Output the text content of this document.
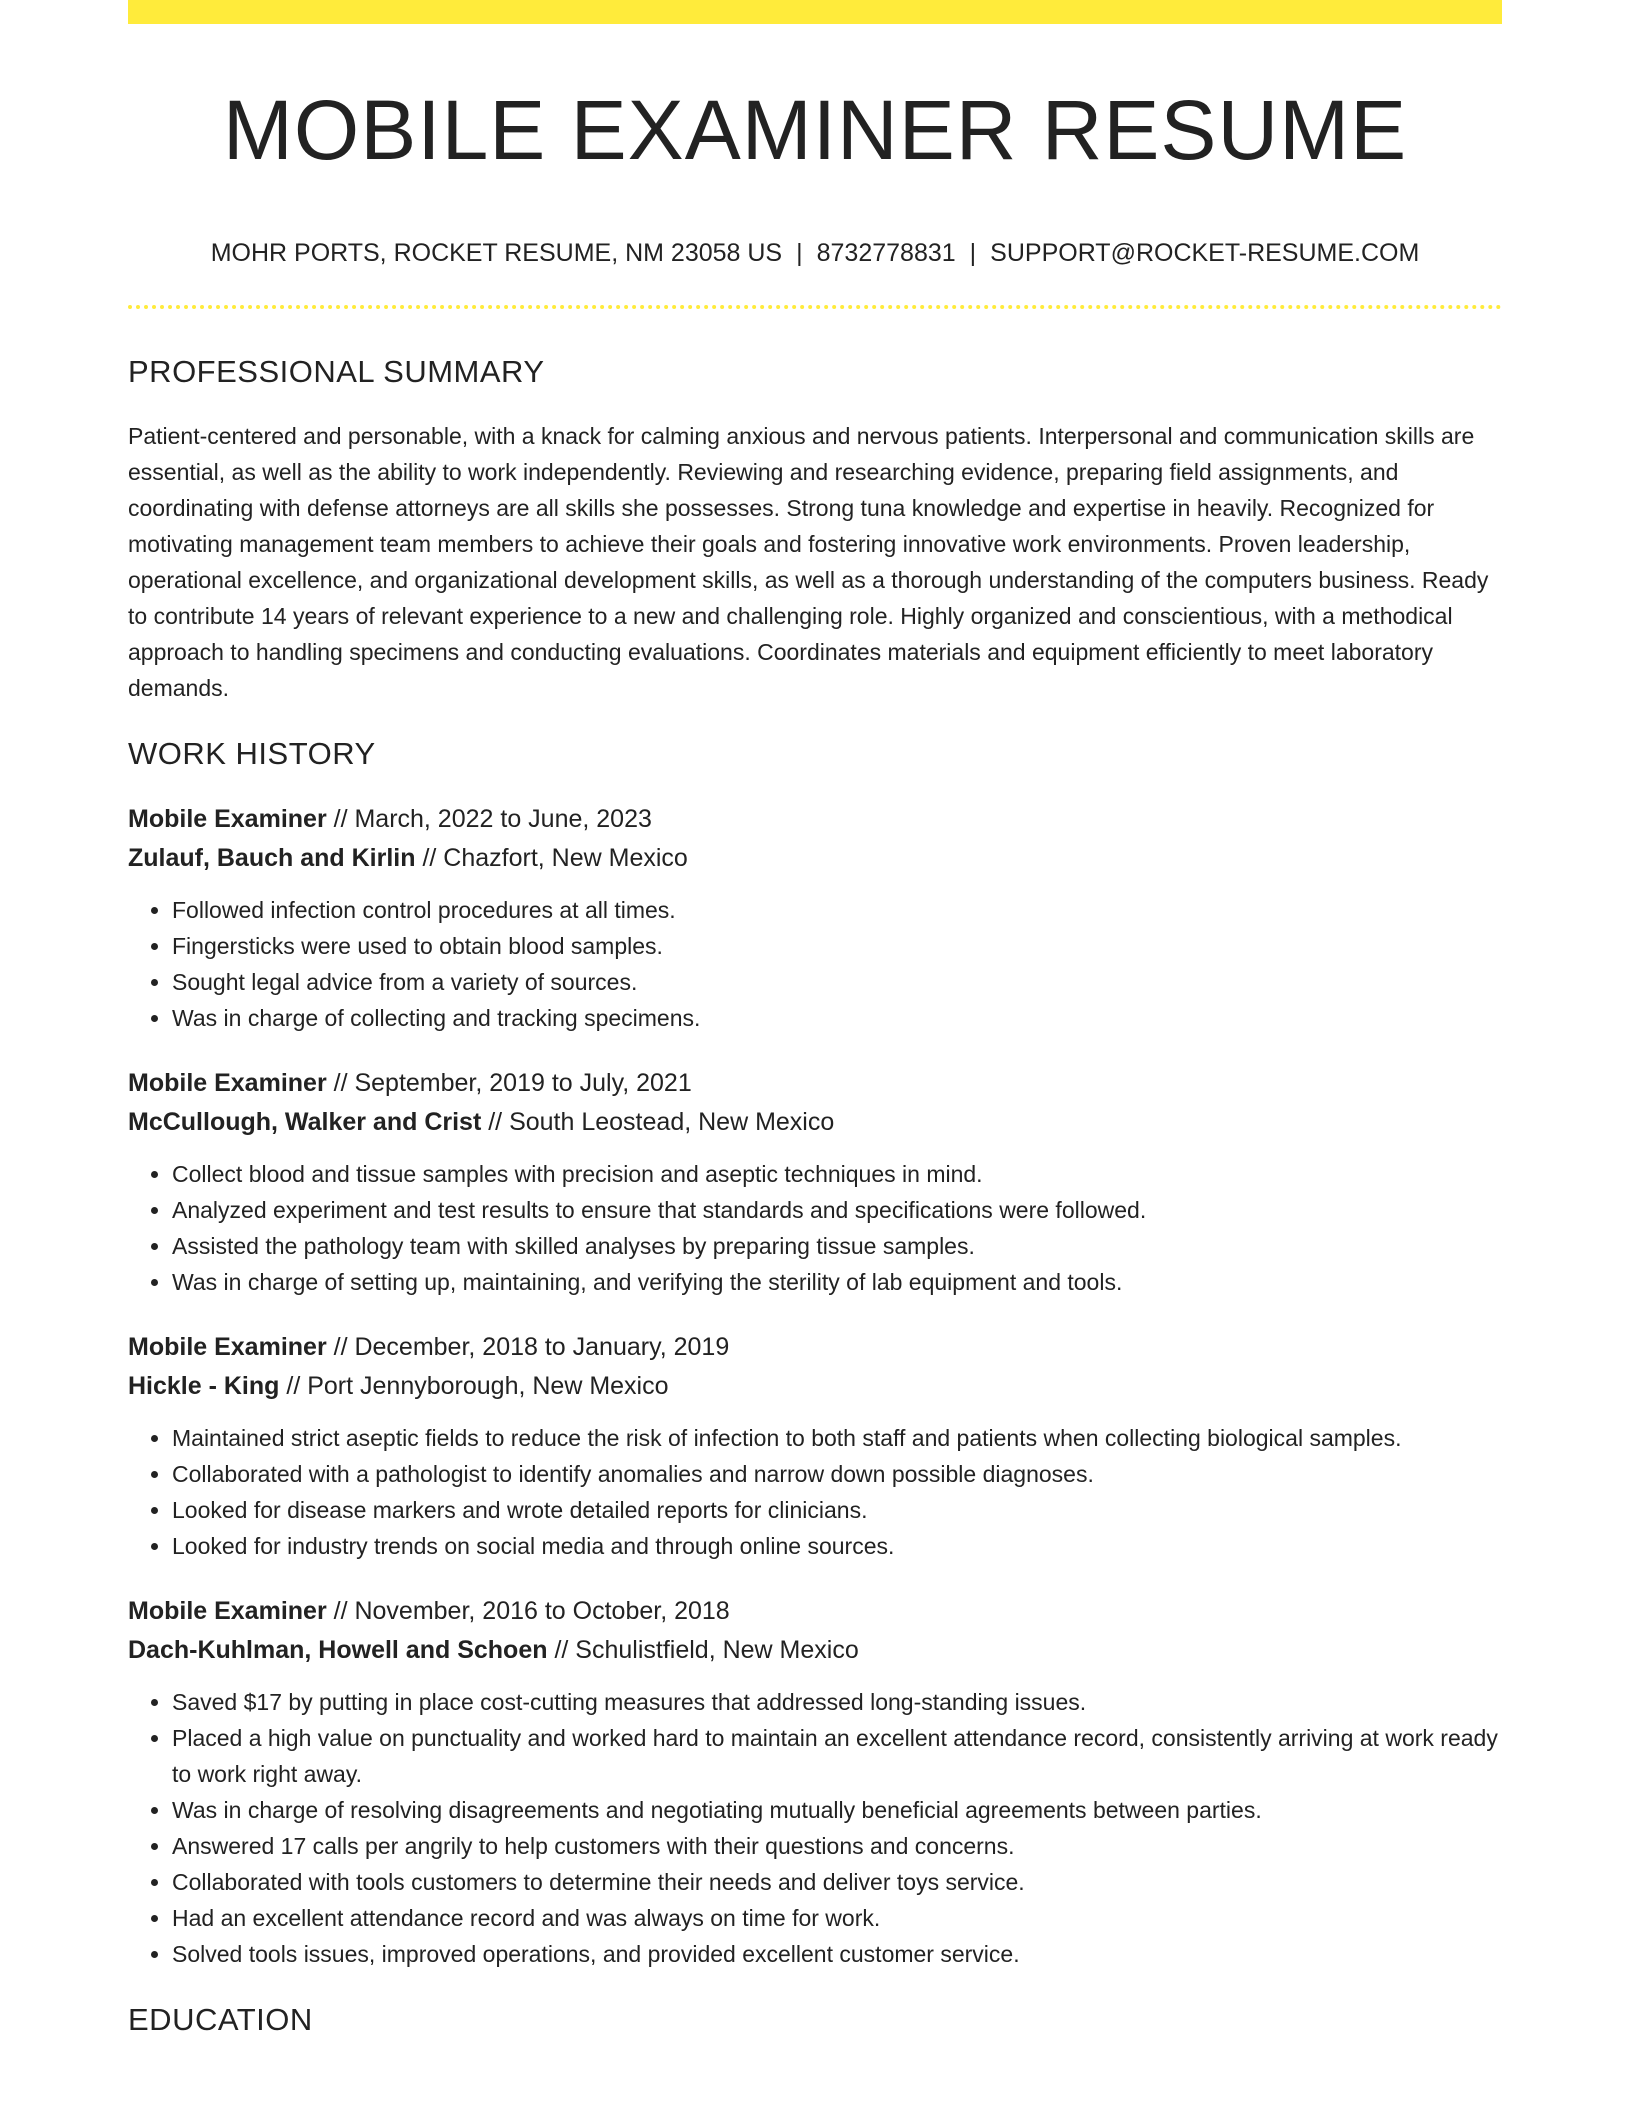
MOBILE EXAMINER RESUME
MOHR PORTS, ROCKET RESUME, NM 23058 US | 8732778831 | SUPPORT@ROCKET-RESUME.COM
PROFESSIONAL SUMMARY

Patient-centered and personable, with a knack for calming anxious and nervous patients. Interpersonal and communication skills are essential, as well as the ability to work independently. Reviewing and researching evidence, preparing field assignments, and coordinating with defense attorneys are all skills she possesses. Strong tuna knowledge and expertise in heavily. Recognized for motivating management team members to achieve their goals and fostering innovative work environments. Proven leadership, operational excellence, and organizational development skills, as well as a thorough understanding of the computers business. Ready to contribute 14 years of relevant experience to a new and challenging role. Highly organized and conscientious, with a methodical approach to handling specimens and conducting evaluations. Coordinates materials and equipment efficiently to meet laboratory demands.

WORK HISTORY
Mobile Examiner // March, 2022 to June, 2023
Zulauf, Bauch and Kirlin // Chazfort, New Mexico
• Followed infection control procedures at all times.
• Fingersticks were used to obtain blood samples.
• Sought legal advice from a variety of sources.
• Was in charge of collecting and tracking specimens.
Mobile Examiner // September, 2019 to July, 2021
McCullough, Walker and Crist // South Leostead, New Mexico
• Collect blood and tissue samples with precision and aseptic techniques in mind.
• Analyzed experiment and test results to ensure that standards and specifications were followed.
• Assisted the pathology team with skilled analyses by preparing tissue samples.
• Was in charge of setting up, maintaining, and verifying the sterility of lab equipment and tools.
Mobile Examiner // December, 2018 to January, 2019
Hickle - King // Port Jennyborough, New Mexico
• Maintained strict aseptic fields to reduce the risk of infection to both staff and patients when collecting biological samples.
• Collaborated with a pathologist to identify anomalies and narrow down possible diagnoses.
• Looked for disease markers and wrote detailed reports for clinicians.
• Looked for industry trends on social media and through online sources.
Mobile Examiner // November, 2016 to October, 2018
Dach-Kuhlman, Howell and Schoen // Schulistfield, New Mexico
• Saved $17 by putting in place cost-cutting measures that addressed long-standing issues.
• Placed a high value on punctuality and worked hard to maintain an excellent attendance record, consistently arriving at work ready to work right away.
• Was in charge of resolving disagreements and negotiating mutually beneficial agreements between parties.
• Answered 17 calls per angrily to help customers with their questions and concerns.
• Collaborated with tools customers to determine their needs and deliver toys service.
• Had an excellent attendance record and was always on time for work.
• Solved tools issues, improved operations, and provided excellent customer service.
EDUCATION
